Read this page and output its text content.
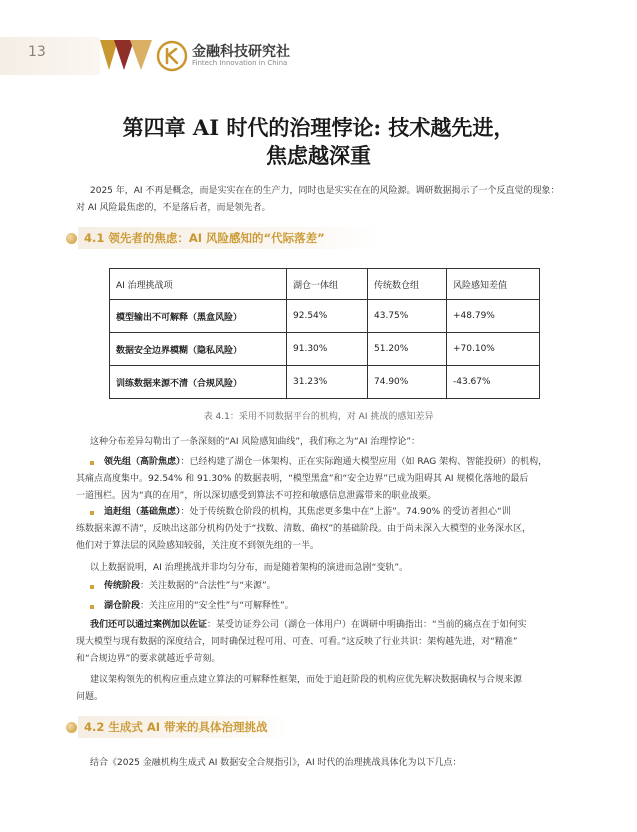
13	金融科技研究社
Fintech Innovation in China
第四章 AI 时代的治理悖论: 技术越先进，
焦虑越深重
2025 年，AI 不再是概念，而是实实在在的生产力，同时也是实实在在的风险源。调研数据揭示了一个反直觉的现象：
对 AI 风险最焦虑的，不是落后者，而是领先者。
4.1 领先者的焦虑：AI 风险感知的“代际落差”
AI 治理挑战项	湖仓一体组	传统数仓组	风险感知差值
模型输出不可解释（黑盒风险）	92.54%	43.75%	+48.79%
数据安全边界模糊（隐私风险）	91.30%	51.20%	+70.10%
训练数据来源不清（合规风险）	31.23%	74.90%	-43.67%
表 4.1：采用不同数据平台的机构，对 AI 挑战的感知差异
这种分布差异勾勒出了一条深刻的“AI 风险感知曲线”，我们称之为“AI 治理悖论”：
领先组（高阶焦虑）：已经构建了湖仓一体架构、正在实际跑通大模型应用（如 RAG 架构、智能投研）的机构，
其痛点高度集中。92.54% 和 91.30% 的数据表明，“模型黑盒”和“安全边界”已成为阻碍其 AI 规模化落地的最后
一道围栏。因为“真的在用”，所以深切感受到算法不可控和敏感信息泄露带来的职业战栗。
追赶组（基础焦虑）：处于传统数仓阶段的机构，其焦虑更多集中在“上游”。74.90% 的受访者担心“训
练数据来源不清”，反映出这部分机构仍处于“找数、清数、确权”的基础阶段。由于尚未深入大模型的业务深水区，
他们对于算法层的风险感知较弱，关注度不到领先组的一半。
以上数据说明，AI 治理挑战并非均匀分布，而是随着架构的演进而急剧“变轨”。
传统阶段：关注数据的“合法性”与“来源”。
湖仓阶段：关注应用的“安全性”与“可解释性”。
我们还可以通过案例加以佐证：某受访证券公司（湖仓一体用户）在调研中明确指出：“当前的痛点在于如何实
现大模型与现有数据的深度结合，同时确保过程可用、可查、可看。”这反映了行业共识：架构越先进，对“精准”
和“合规边界”的要求就越近乎苛刻。
建议架构领先的机构应重点建立算法的可解释性框架，而处于追赶阶段的机构应优先解决数据确权与合规来源
问题。
4.2 生成式 AI 带来的具体治理挑战
结合《2025 金融机构生成式 AI 数据安全合规指引》，AI 时代的治理挑战具体化为以下几点：
